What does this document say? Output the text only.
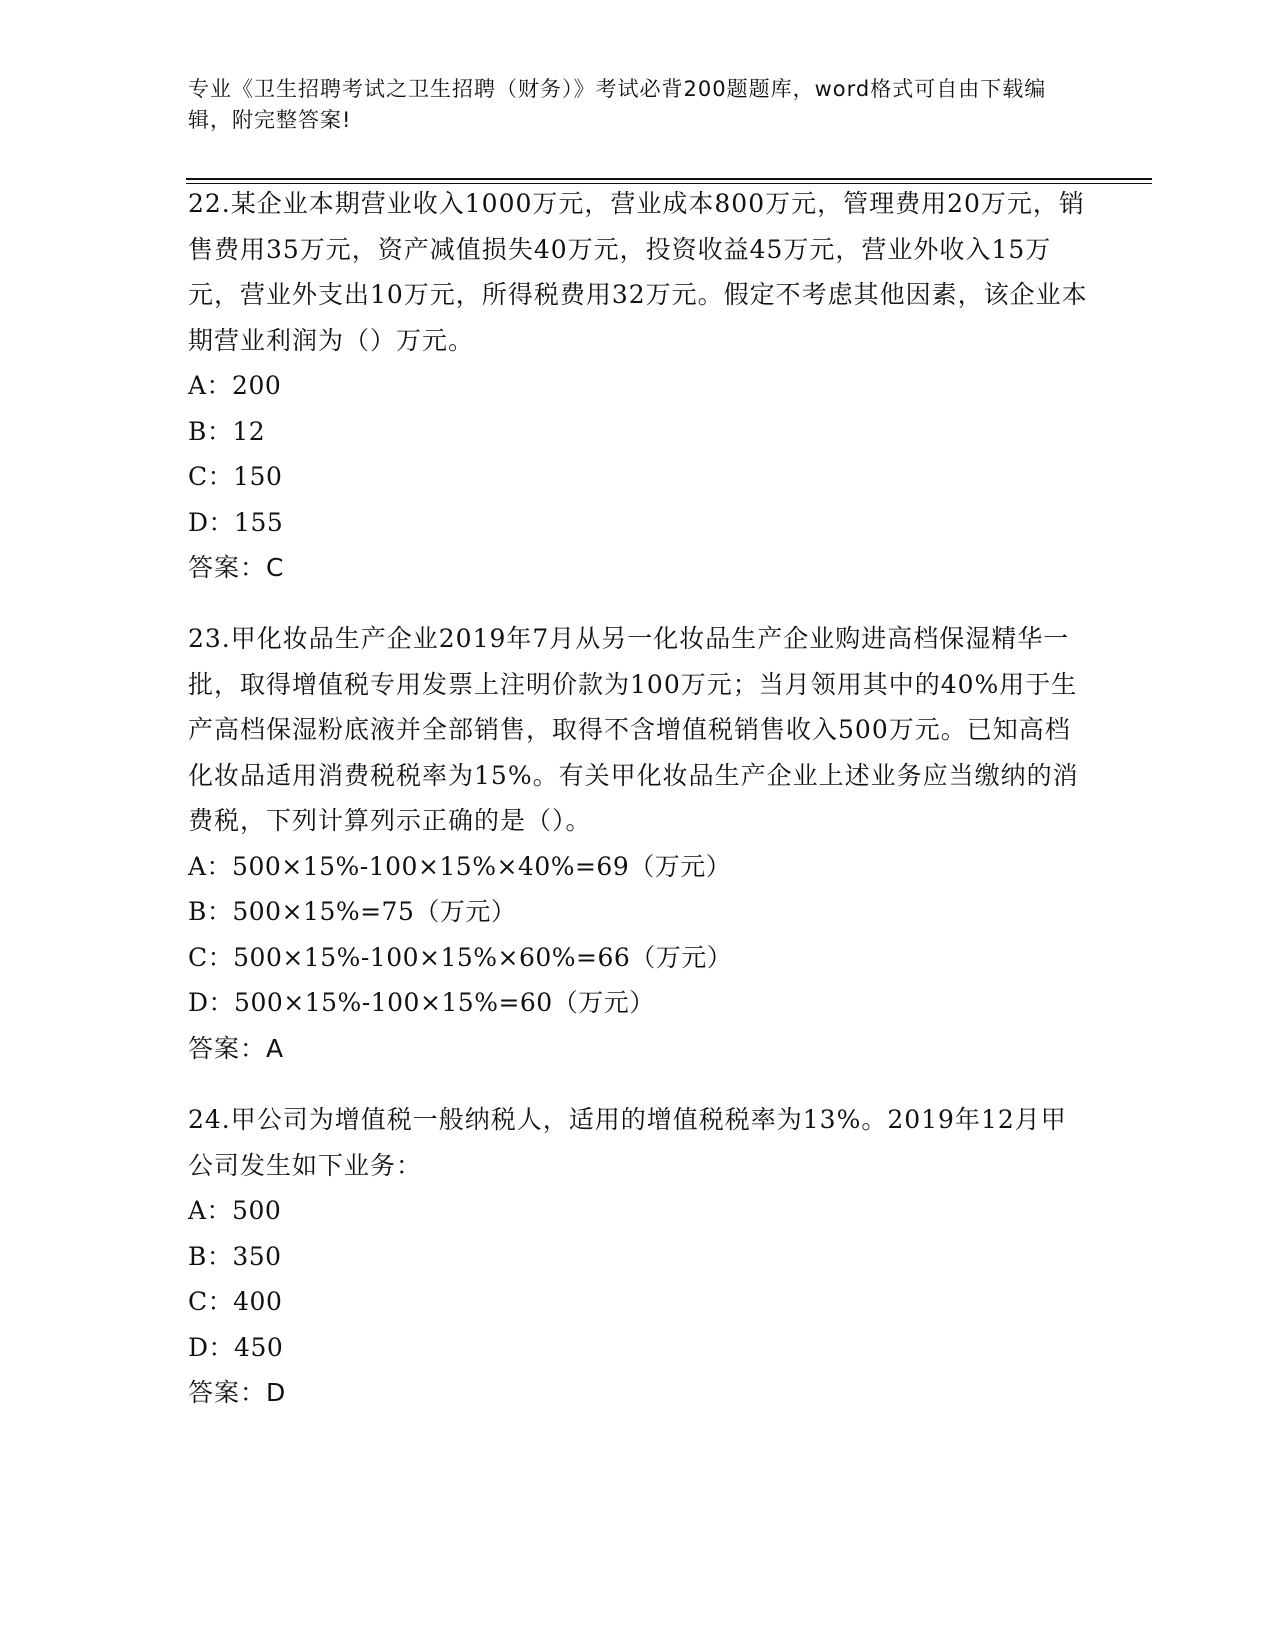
专业《卫生招聘考试之卫生招聘（财务）》考试必背200题题库，word格式可自由下载编辑，附完整答案!
22.某企业本期营业收入1000万元，营业成本800万元，管理费用20万元，销售费用35万元，资产减值损失40万元，投资收益45万元，营业外收入15万元，营业外支出10万元，所得税费用32万元。假定不考虑其他因素，该企业本期营业利润为（）万元。
A：200
B：12
C：150
D：155
答案：C
23.甲化妆品生产企业2019年7月从另一化妆品生产企业购进高档保湿精华一批，取得增值税专用发票上注明价款为100万元；当月领用其中的40%用于生产高档保湿粉底液并全部销售，取得不含增值税销售收入500万元。已知高档化妆品适用消费税税率为15%。有关甲化妆品生产企业上述业务应当缴纳的消费税，下列计算列示正确的是（）。
A：500×15%-100×15%×40%=69（万元）
B：500×15%=75（万元）
C：500×15%-100×15%×60%=66（万元）
D：500×15%-100×15%=60（万元）
答案：A
24.甲公司为增值税一般纳税人，适用的增值税税率为13%。2019年12月甲公司发生如下业务：
A：500
B：350
C：400
D：450
答案：D
